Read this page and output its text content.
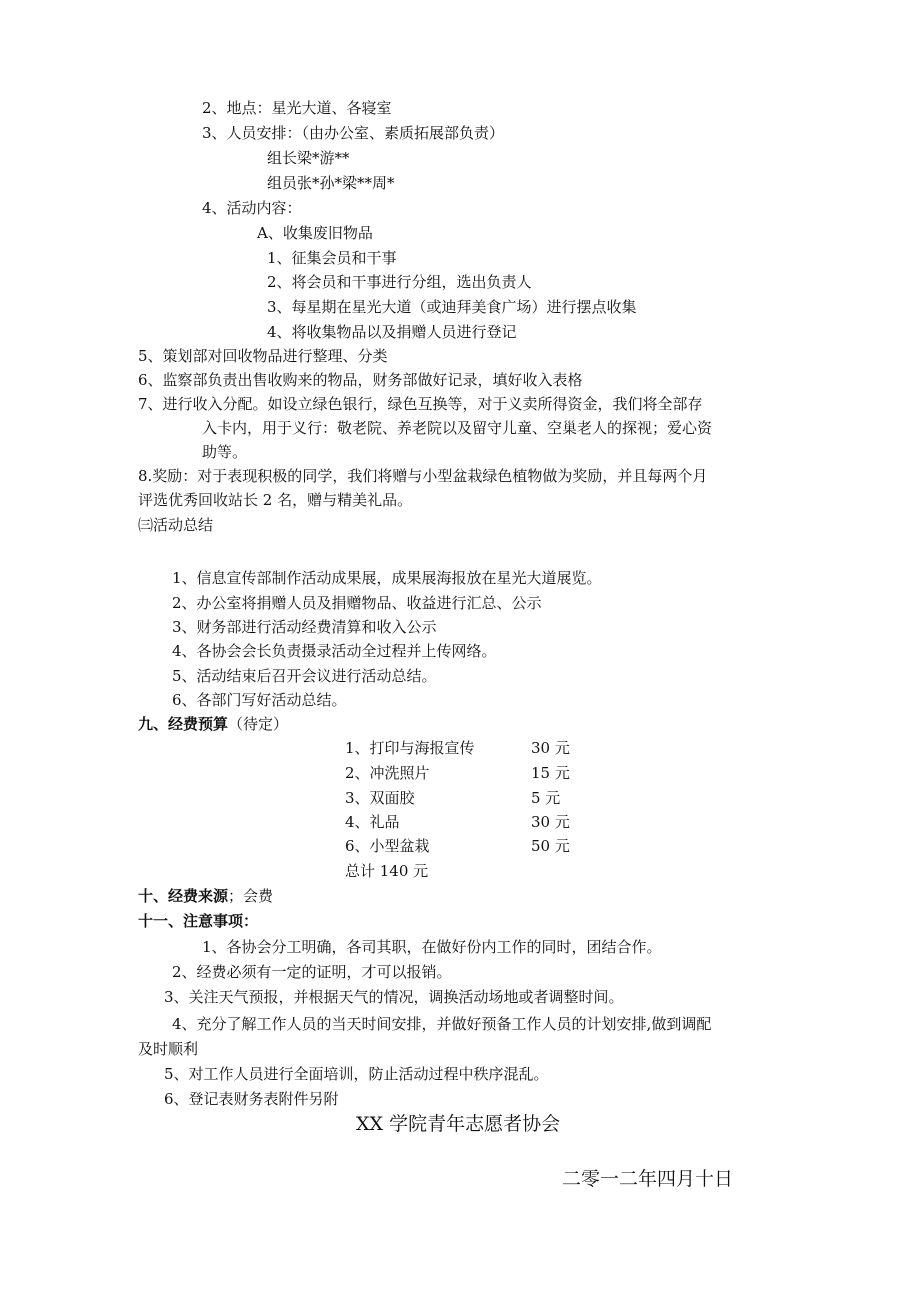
2、地点：星光大道、各寝室
3、人员安排：（由办公室、素质拓展部负责）
组长梁*游**
组员张*孙*梁**周*
4、活动内容：
A、收集废旧物品
1、征集会员和干事
2、将会员和干事进行分组，选出负责人
3、每星期在星光大道（或迪拜美食广场）进行摆点收集
4、将收集物品以及捐赠人员进行登记
5、策划部对回收物品进行整理、分类
6、监察部负责出售收购来的物品，财务部做好记录，填好收入表格
7、进行收入分配。如设立绿色银行，绿色互换等，对于义卖所得资金，我们将全部存
入卡内，用于义行：敬老院、养老院以及留守儿童、空巢老人的探视；爱心资
助等。
8.奖励：对于表现积极的同学，我们将赠与小型盆栽绿色植物做为奖励，并且每两个月
评选优秀回收站长 2 名，赠与精美礼品。
㈢活动总结
1、信息宣传部制作活动成果展，成果展海报放在星光大道展览。
2、办公室将捐赠人员及捐赠物品、收益进行汇总、公示
3、财务部进行活动经费清算和收入公示
4、各协会会长负责摄录活动全过程并上传网络。
5、活动结束后召开会议进行活动总结。
6、各部门写好活动总结。
九、经费预算（待定）
1、打印与海报宣传	30 元
2、冲洗照片	15 元
3、双面胶	5 元
4、礼品	30 元
6、小型盆栽	50 元
总计 140 元
十、经费来源；会费
十一、注意事项：
1、各协会分工明确，各司其职，在做好份内工作的同时，团结合作。
2、经费必须有一定的证明，才可以报销。
3、关注天气预报，并根据天气的情况，调换活动场地或者调整时间。
4、充分了解工作人员的当天时间安排，并做好预备工作人员的计划安排,做到调配
及时顺利
5、对工作人员进行全面培训，防止活动过程中秩序混乱。
6、登记表财务表附件另附
XX 学院青年志愿者协会
二零一二年四月十日
